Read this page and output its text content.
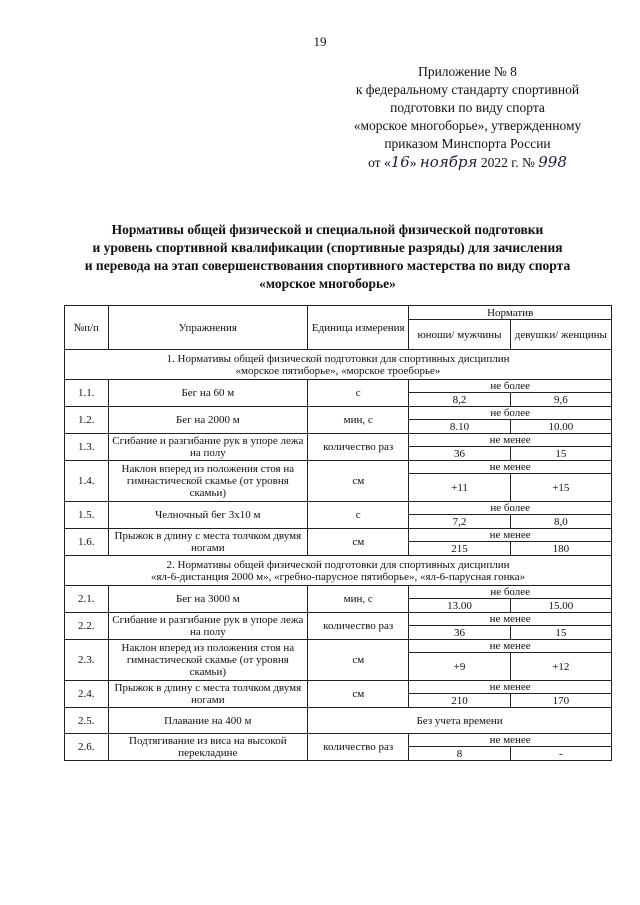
19
Приложение № 8
к федеральному стандарту спортивной
подготовки по виду спорта
«морское многоборье», утвержденному
приказом Минспорта России
от «16» ноября 2022 г. № 998
Нормативы общей физической и специальной физической подготовки
и уровень спортивной квалификации (спортивные разряды) для зачисления
и перевода на этап совершенствования спортивного мастерства по виду спорта
«морское многоборье»
№п/п	Упражнения	Единица измерения	Норматив	
			юноши/ мужчины	девушки/ женщины

1. Нормативы общей физической подготовки для спортивных дисциплин
«морское пятиборье», «морское троеборье»				

1.1.	Бег на 60 м	с	не более	
			8,2	9,6
1.2.	Бег на 2000 м	мин, с	не более	
			8.10	10.00
1.3.	Сгибание и разгибание рук в упоре лежа на полу	количество раз	не менее	
			36	15
1.4.	Наклон вперед из положения стоя на гимнастической скамье (от уровня скамьи)	см	не менее	
			+11	+15
1.5.	Челночный бег 3x10 м	с	не более	
			7,2	8,0
1.6.	Прыжок в длину с места толчком двумя ногами	см	не менее	
			215	180

2. Нормативы общей физической подготовки для спортивных дисциплин
«ял-6-дистанция 2000 м», «гребно-парусное пятиборье», «ял-6-парусная гонка»				

2.1.	Бег на 3000 м	мин, с	не более	
			13.00	15.00
2.2.	Сгибание и разгибание рук в упоре лежа на полу	количество раз	не менее	
			36	15
2.3.	Наклон вперед из положения стоя на гимнастической скамье (от уровня скамьи)	см	не менее	
			+9	+12
2.4.	Прыжок в длину с места толчком двумя ногами	см	не менее	
			210	170
2.5.	Плавание на 400 м	Без учета времени		
2.6.	Подтягивание из виса на высокой перекладине	количество раз	не менее	
			8	-
